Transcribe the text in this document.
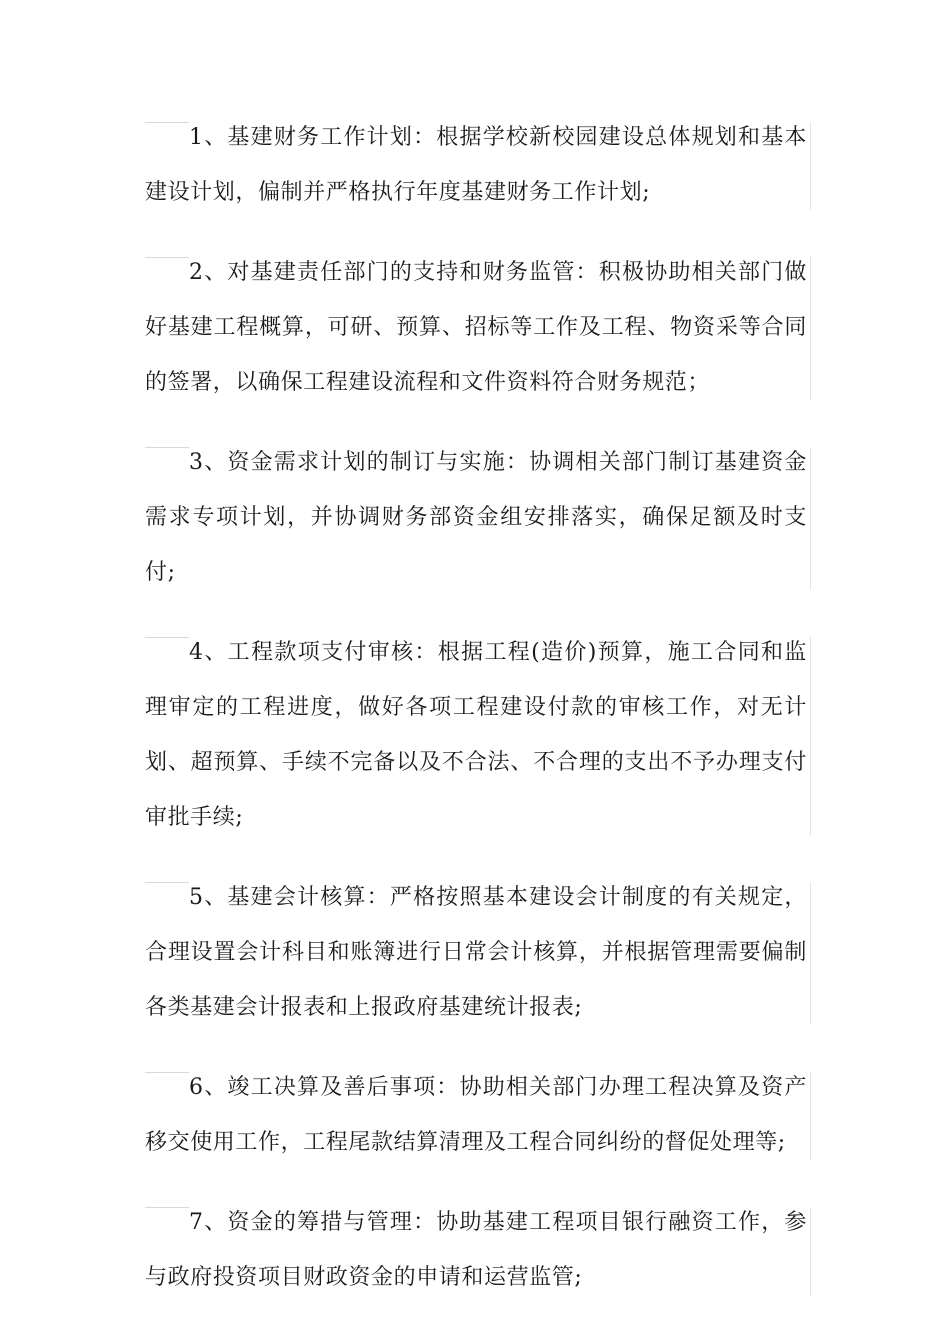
1、基建财务工作计划：根据学校新校园建设总体规划和基本建设计划，偏制并严格执行年度基建财务工作计划;

2、对基建责任部门的支持和财务监管：积极协助相关部门做好基建工程概算，可研、预算、招标等工作及工程、物资采等合同的签署，以确保工程建设流程和文件资料符合财务规范；

3、资金需求计划的制订与实施：协调相关部门制订基建资金需求专项计划，并协调财务部资金组安排落实，确保足额及时支付;

4、工程款项支付审核：根据工程(造价)预算，施工合同和监理审定的工程进度，做好各项工程建设付款的审核工作，对无计划、超预算、手续不完备以及不合法、不合理的支出不予办理支付审批手续;

5、基建会计核算：严格按照基本建设会计制度的有关规定，合理设置会计科目和账簿进行日常会计核算，并根据管理需要偏制各类基建会计报表和上报政府基建统计报表;

6、竣工决算及善后事项：协助相关部门办理工程决算及资产移交使用工作，工程尾款结算清理及工程合同纠纷的督促处理等;

7、资金的筹措与管理：协助基建工程项目银行融资工作，参与政府投资项目财政资金的申请和运营监管;
